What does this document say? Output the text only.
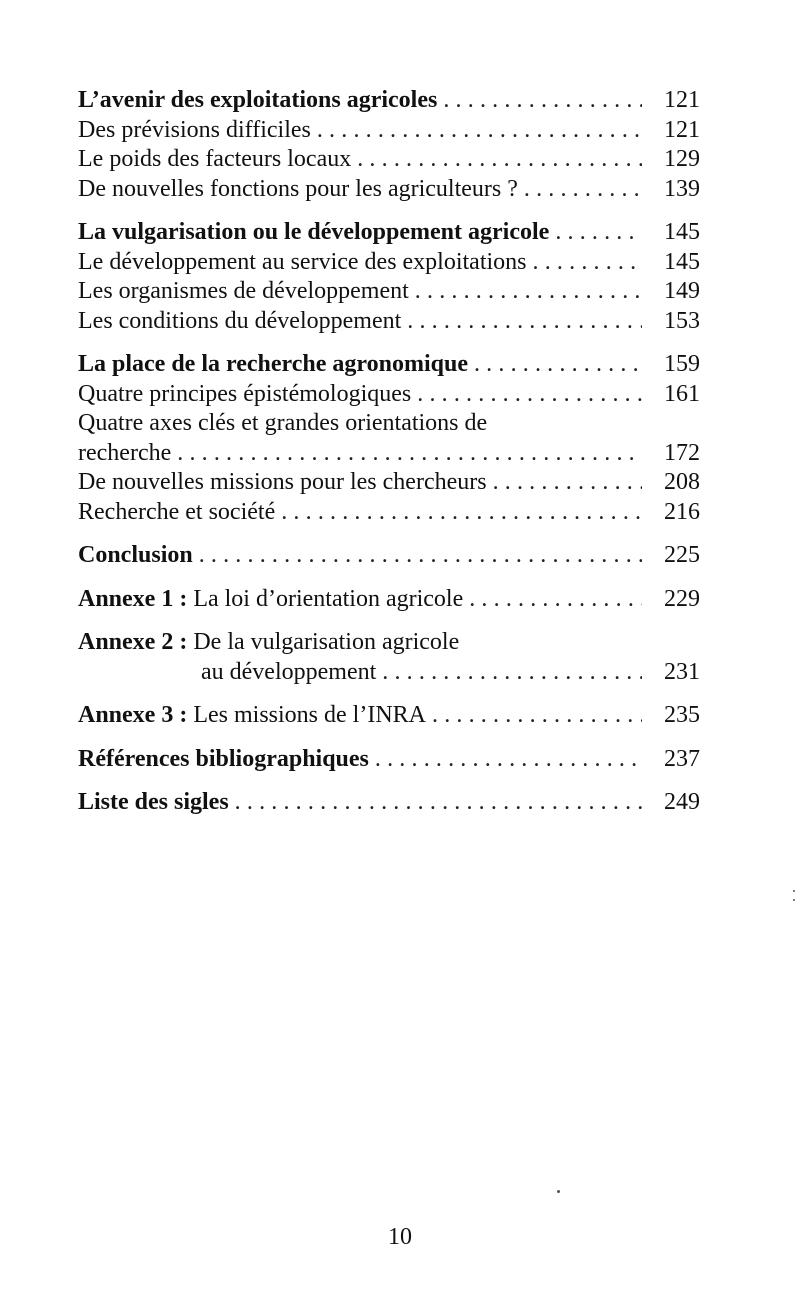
L’avenir des exploitations agricoles .....	121
Des prévisions difficiles .....	121
Le poids des facteurs locaux .....	129
De nouvelles fonctions pour les agriculteurs ? .....	139
La vulgarisation ou le développement agricole .....	145
Le développement au service des exploitations .....	145
Les organismes de développement .....	149
Les conditions du développement .....	153
La place de la recherche agronomique .....	159
Quatre principes épistémologiques .....	161
Quatre axes clés et grandes orientations de
recherche .....	172
De nouvelles missions pour les chercheurs .....	208
Recherche et société .....	216
Conclusion .....	225
Annexe 1 : La loi d’orientation agricole .....	229
Annexe 2 : De la vulgarisation agricole
au développement .....	231
Annexe 3 : Les missions de l’INRA .....	235
Références bibliographiques .....	237
Liste des sigles .....	249
10
